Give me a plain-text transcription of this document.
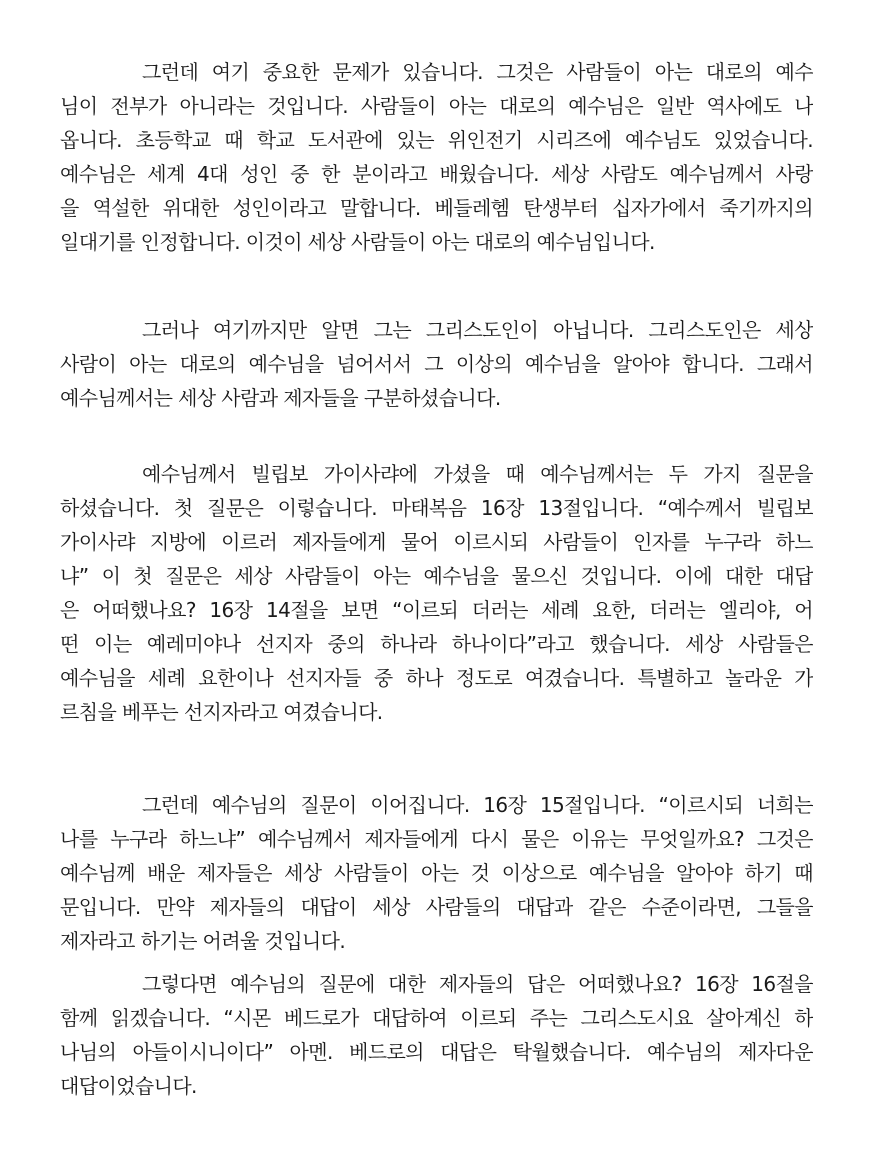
그런데 여기 중요한 문제가 있습니다. 그것은 사람들이 아는 대로의 예수
님이 전부가 아니라는 것입니다. 사람들이 아는 대로의 예수님은 일반 역사에도 나
옵니다. 초등학교 때 학교 도서관에 있는 위인전기 시리즈에 예수님도 있었습니다.
예수님은 세계 4대 성인 중 한 분이라고 배웠습니다. 세상 사람도 예수님께서 사랑
을 역설한 위대한 성인이라고 말합니다. 베들레헴 탄생부터 십자가에서 죽기까지의
일대기를 인정합니다. 이것이 세상 사람들이 아는 대로의 예수님입니다.
그러나 여기까지만 알면 그는 그리스도인이 아닙니다. 그리스도인은 세상
사람이 아는 대로의 예수님을 넘어서서 그 이상의 예수님을 알아야 합니다. 그래서
예수님께서는 세상 사람과 제자들을 구분하셨습니다.
예수님께서 빌립보 가이사랴에 가셨을 때 예수님께서는 두 가지 질문을
하셨습니다. 첫 질문은 이렇습니다. 마태복음 16장 13절입니다. “예수께서 빌립보
가이사랴 지방에 이르러 제자들에게 물어 이르시되 사람들이 인자를 누구라 하느
냐” 이 첫 질문은 세상 사람들이 아는 예수님을 물으신 것입니다. 이에 대한 대답
은 어떠했나요? 16장 14절을 보면 “이르되 더러는 세례 요한, 더러는 엘리야, 어
떤 이는 예레미야나 선지자 중의 하나라 하나이다”라고 했습니다. 세상 사람들은
예수님을 세례 요한이나 선지자들 중 하나 정도로 여겼습니다. 특별하고 놀라운 가
르침을 베푸는 선지자라고 여겼습니다.
그런데 예수님의 질문이 이어집니다. 16장 15절입니다. “이르시되 너희는
나를 누구라 하느냐” 예수님께서 제자들에게 다시 물은 이유는 무엇일까요? 그것은
예수님께 배운 제자들은 세상 사람들이 아는 것 이상으로 예수님을 알아야 하기 때
문입니다. 만약 제자들의 대답이 세상 사람들의 대답과 같은 수준이라면, 그들을
제자라고 하기는 어려울 것입니다.
그렇다면 예수님의 질문에 대한 제자들의 답은 어떠했나요? 16장 16절을
함께 읽겠습니다. “시몬 베드로가 대답하여 이르되 주는 그리스도시요 살아계신 하
나님의 아들이시니이다” 아멘. 베드로의 대답은 탁월했습니다. 예수님의 제자다운
대답이었습니다.
